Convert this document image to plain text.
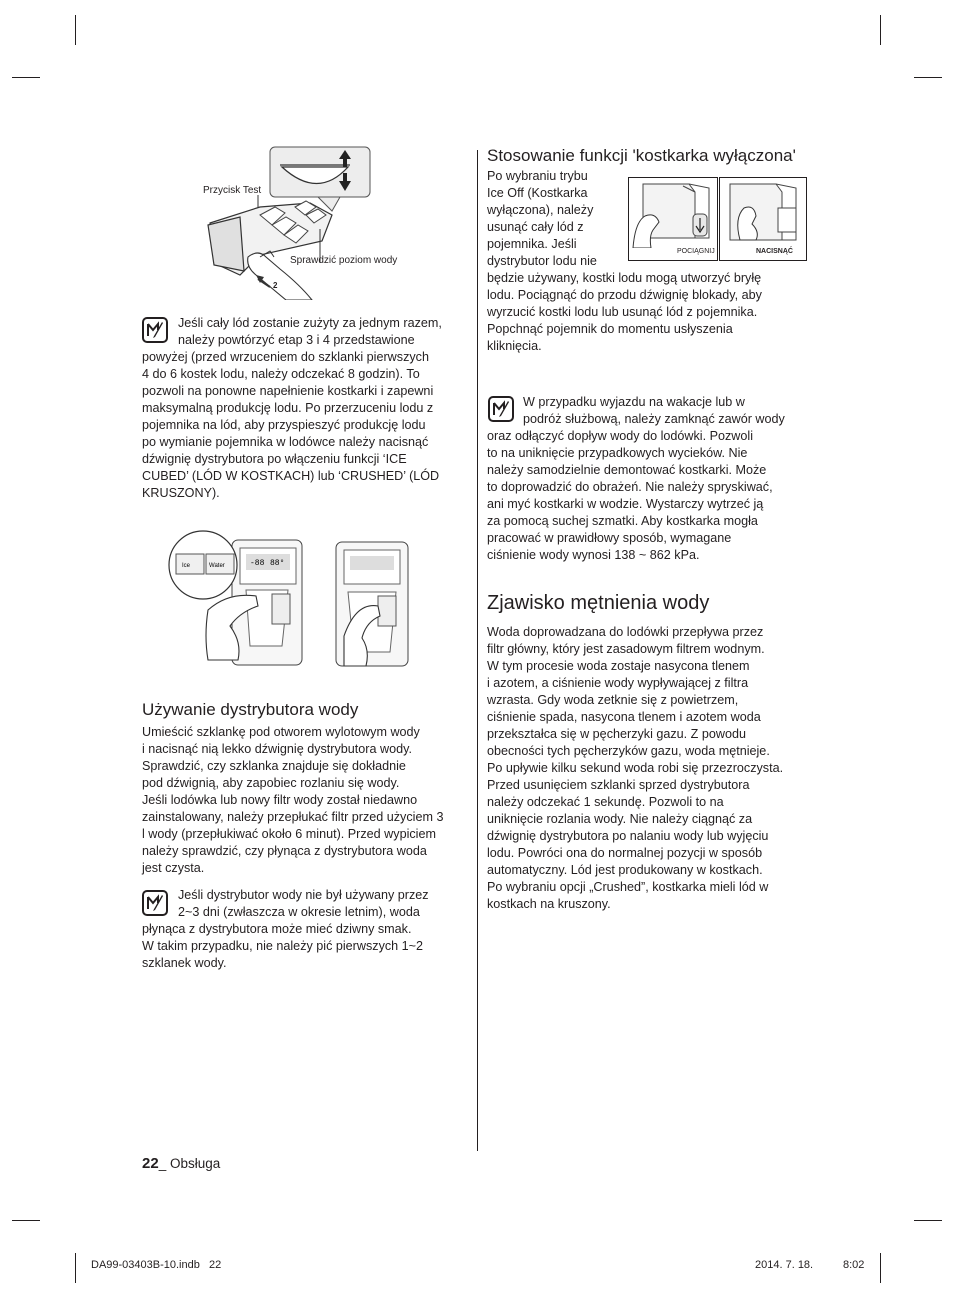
Przycisk Test
Sprawdzić poziom wody
2
Jeśli cały lód zostanie zużyty za jednym razem,
należy powtórzyć etap 3 i 4 przedstawione
powyżej (przed wrzuceniem do szklanki pierwszych
4 do 6 kostek lodu, należy odczekać 8 godzin). To
pozwoli na ponowne napełnienie kostkarki i zapewni
maksymalną produkcję lodu. Po przerzuceniu lodu z
pojemnika na lód, aby przyspieszyć produkcję lodu
po wymianie pojemnika w lodówce należy nacisnąć
dźwignię dystrybutora po włączeniu funkcji ‘ICE
CUBED’ (LÓD W KOSTKACH) lub ‘CRUSHED’ (LÓD
KRUSZONY).
Ice	Water	-88 88°
Używanie dystrybutora wody
Umieścić szklankę pod otworem wylotowym wody
i nacisnąć nią lekko dźwignię dystrybutora wody.
Sprawdzić, czy szklanka znajduje się dokładnie
pod dźwignią, aby zapobiec rozlaniu się wody.
Jeśli lodówka lub nowy filtr wody został niedawno
zainstalowany, należy przepłukać filtr przed użyciem 3
l wody (przepłukiwać około 6 minut). Przed wypiciem
należy sprawdzić, czy płynąca z dystrybutora woda
jest czysta.
Jeśli dystrybutor wody nie był używany przez
2~3 dni (zwłaszcza w okresie letnim), woda
płynąca z dystrybutora może mieć dziwny smak.
W takim przypadku, nie należy pić pierwszych 1~2
szklanek wody.
Stosowanie funkcji 'kostkarka wyłączona'
Po wybraniu trybu
Ice Off (Kostkarka
wyłączona), należy
usunąć cały lód z
pojemnika. Jeśli
dystrybutor lodu nie
będzie używany, kostki lodu mogą utworzyć bryłę
lodu. Pociągnąć do przodu dźwignię blokady, aby
wyrzucić kostki lodu lub usunąć lód z pojemnika.
Popchnąć pojemnik do momentu usłyszenia
kliknięcia.
POCIĄGNIJ	NACISNĄĆ
W przypadku wyjazdu na wakacje lub w
podróż służbową, należy zamknąć zawór wody
oraz odłączyć dopływ wody do lodówki. Pozwoli
to na uniknięcie przypadkowych wycieków. Nie
należy samodzielnie demontować kostkarki. Może
to doprowadzić do obrażeń. Nie należy spryskiwać,
ani myć kostkarki w wodzie. Wystarczy wytrzeć ją
za pomocą suchej szmatki. Aby kostkarka mogła
pracować w prawidłowy sposób, wymagane
ciśnienie wody wynosi 138 ~ 862 kPa.
Zjawisko mętnienia wody
Woda doprowadzana do lodówki przepływa przez
filtr główny, który jest zasadowym filtrem wodnym.
W tym procesie woda zostaje nasycona tlenem
i azotem, a ciśnienie wody wypływającej z filtra
wzrasta. Gdy woda zetknie się z powietrzem,
ciśnienie spada, nasycona tlenem i azotem woda
przekształca się w pęcherzyki gazu. Z powodu
obecności tych pęcherzyków gazu, woda mętnieje.
Po upływie kilku sekund woda robi się przezroczysta.
Przed usunięciem szklanki sprzed dystrybutora
należy odczekać 1 sekundę. Pozwoli to na
uniknięcie rozlania wody. Nie należy ciągnąć za
dźwignię dystrybutora po nalaniu wody lub wyjęciu
lodu. Powróci ona do normalnej pozycji w sposób
automatyczny. Lód jest produkowany w kostkach.
Po wybraniu opcji „Crushed”, kostkarka mieli lód w
kostkach na kruszony.
22_ Obsługa
DA99-03403B-10.indb   22	2014. 7. 18.	8:02
